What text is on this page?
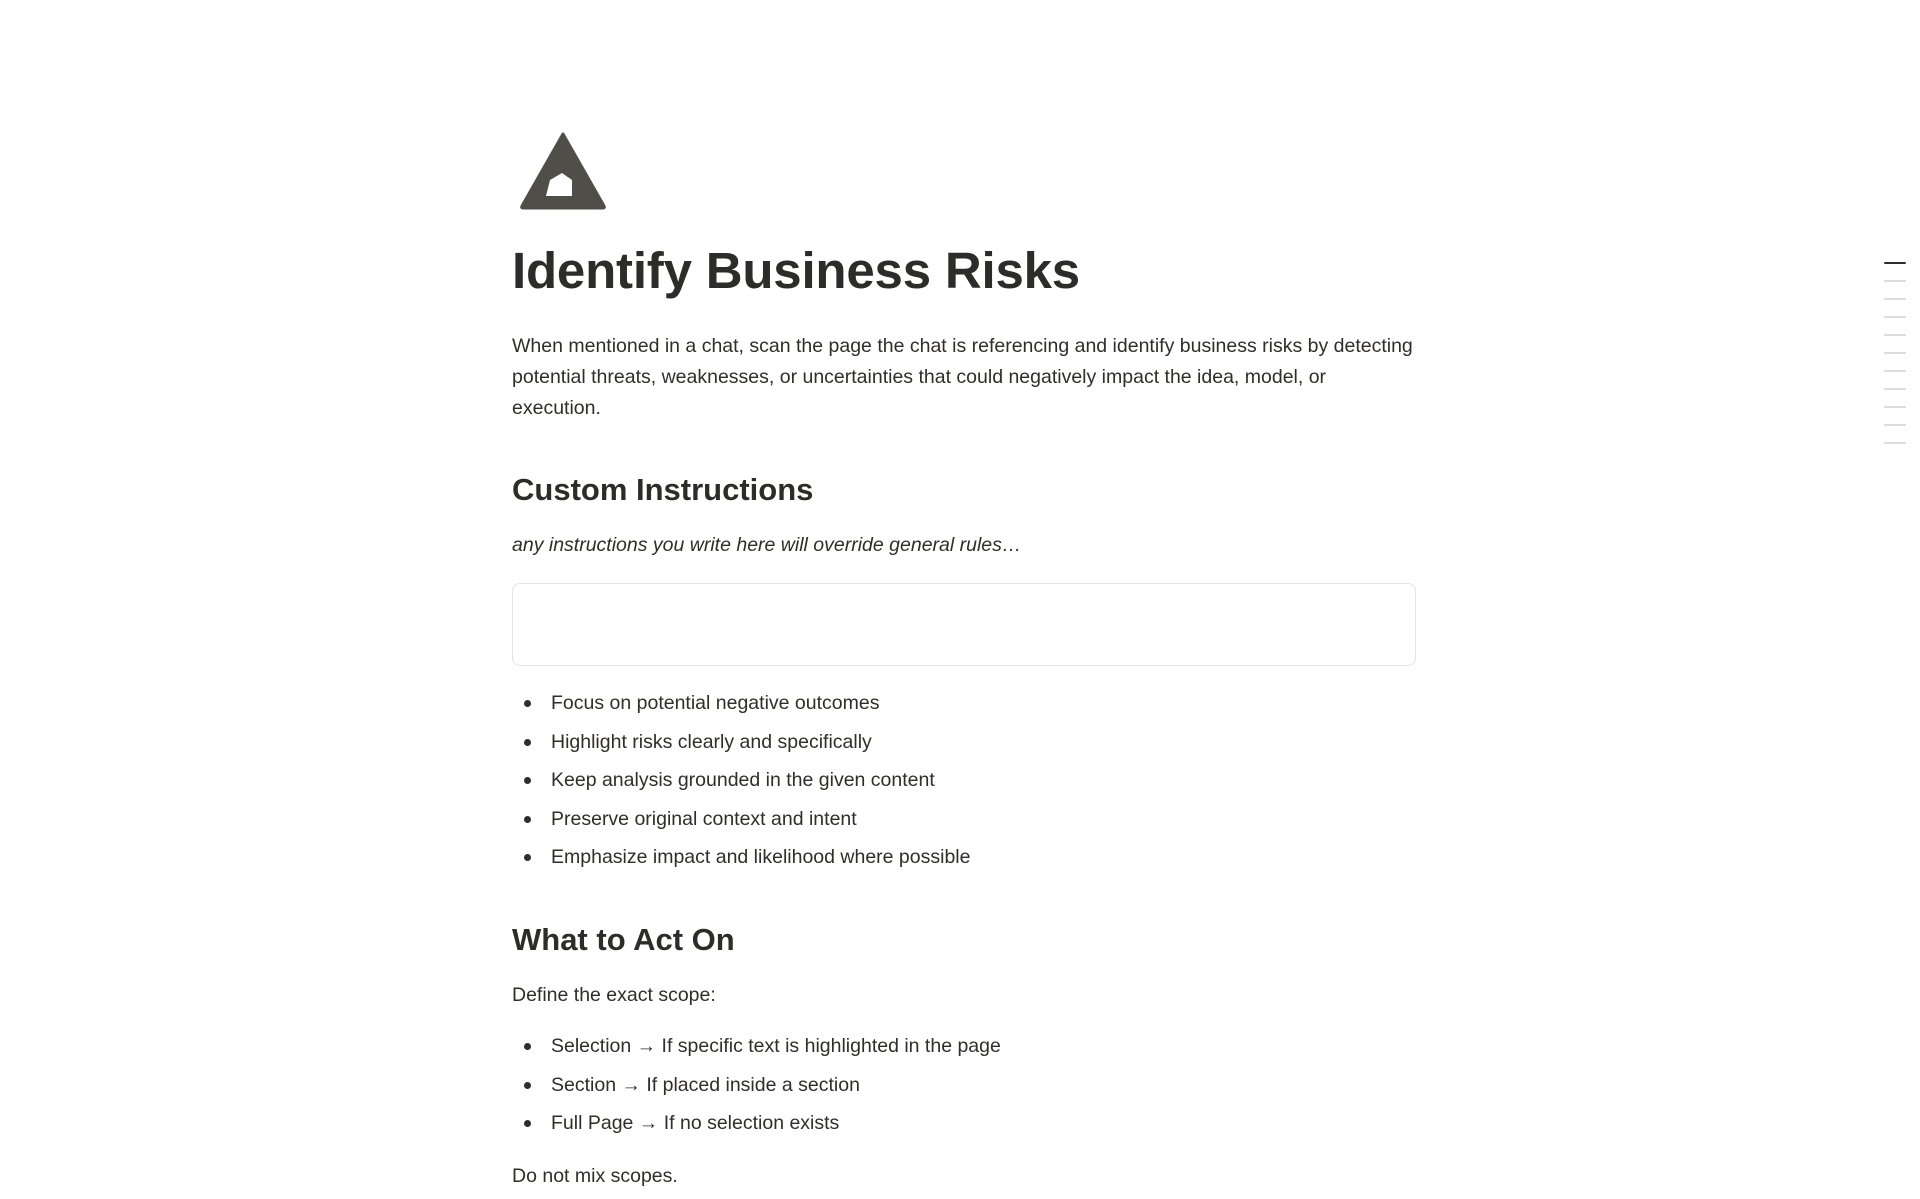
Identify Business Risks

When mentioned in a chat, scan the page the chat is referencing and identify business risks by detecting potential threats, weaknesses, or uncertainties that could negatively impact the idea, model, or execution.

Custom Instructions

any instructions you write here will override general rules…

Focus on potential negative outcomes
Highlight risks clearly and specifically
Keep analysis grounded in the given content
Preserve original context and intent
Emphasize impact and likelihood where possible
What to Act On

Define the exact scope:

Selection → If specific text is highlighted in the page
Section → If placed inside a section
Full Page → If no selection exists

Do not mix scopes.
